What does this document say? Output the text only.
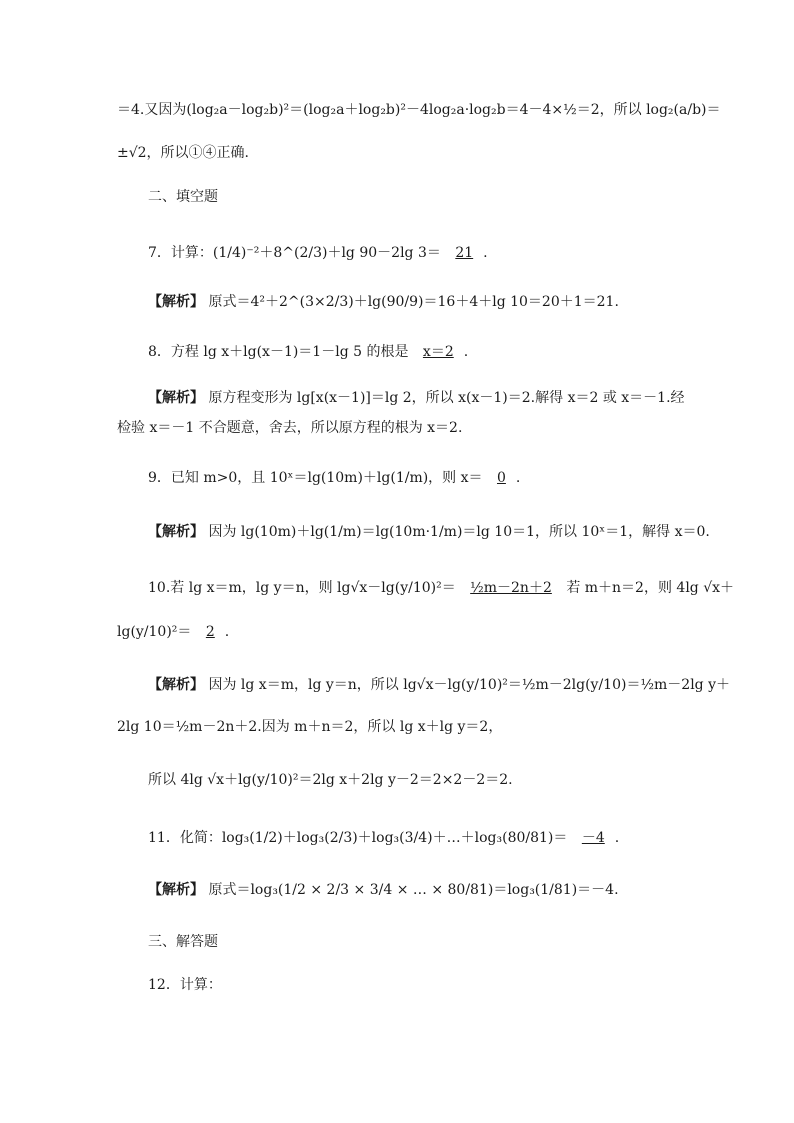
＝4.又因为(log₂a－log₂b)²＝(log₂a＋log₂b)²－4log₂a·log₂b＝4－4×½＝2，所以 log₂(a/b)＝
±√2，所以①④正确.
二、填空题
7．计算：(1/4)⁻²＋8^(2/3)＋lg 90－2lg 3＝ 21 .
【解析】 原式＝4²＋2^(3×2/3)＋lg(90/9)＝16＋4＋lg 10＝20＋1＝21.
8．方程 lg x＋lg(x－1)＝1－lg 5 的根是 x＝2 .
【解析】 原方程变形为 lg[x(x－1)]＝lg 2，所以 x(x－1)＝2.解得 x＝2 或 x＝－1.经
检验 x＝－1 不合题意，舍去，所以原方程的根为 x＝2.
9．已知 m>0，且 10ˣ＝lg(10m)＋lg(1/m)，则 x＝ 0 .
【解析】 因为 lg(10m)＋lg(1/m)＝lg(10m·1/m)＝lg 10＝1，所以 10ˣ＝1，解得 x＝0.
10.若 lg x＝m，lg y＝n，则 lg√x－lg(y/10)²＝ ½m－2n＋2 若 m＋n＝2，则 4lg √x＋
lg(y/10)²＝ 2 .
【解析】 因为 lg x＝m，lg y＝n，所以 lg√x－lg(y/10)²＝½m－2lg(y/10)＝½m－2lg y＋
2lg 10＝½m－2n＋2.因为 m＋n＝2，所以 lg x＋lg y＝2，
所以 4lg √x＋lg(y/10)²＝2lg x＋2lg y－2＝2×2－2＝2.
11．化简：log₃(1/2)＋log₃(2/3)＋log₃(3/4)＋…＋log₃(80/81)＝ －4 .
【解析】 原式＝log₃(1/2 × 2/3 × 3/4 × … × 80/81)＝log₃(1/81)＝－4.
三、解答题
12．计算：
